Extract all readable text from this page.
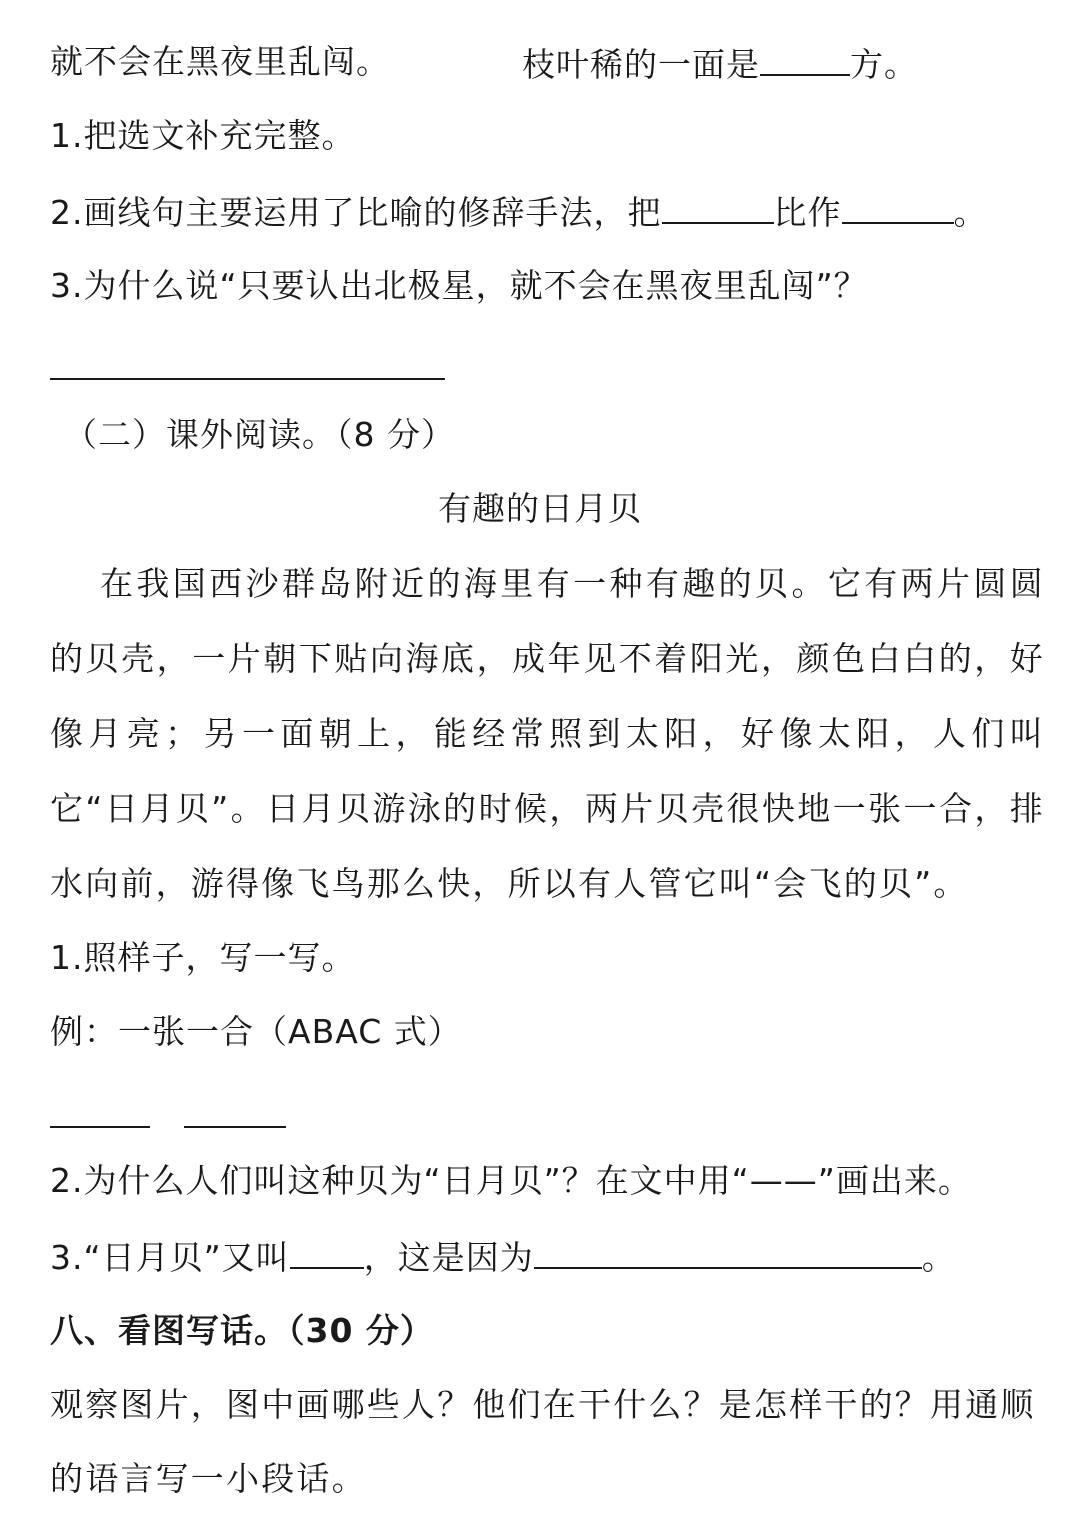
就不会在黑夜里乱闯。	枝叶稀的一面是	方。
1.把选文补充完整。
2.画线句主要运用了比喻的修辞手法，把	比作	。
3.为什么说“只要认出北极星，就不会在黑夜里乱闯”？
（二）课外阅读。（8 分）
有趣的日月贝
在我国西沙群岛附近的海里有一种有趣的贝。它有两片圆圆的贝壳，一片朝下贴向海底，成年见不着阳光，颜色白白的，好像月亮；另一面朝上，能经常照到太阳，好像太阳，人们叫它“日月贝”。日月贝游泳的时候，两片贝壳很快地一张一合，排水向前，游得像飞鸟那么快，所以有人管它叫“会飞的贝”。
1.照样子，写一写。
例：一张一合（ABAC 式）
2.为什么人们叫这种贝为“日月贝”？在文中用“——”画出来。
3.“日月贝”又叫 ，这是因为	。
八、看图写话。（30 分）
观察图片，图中画哪些人？他们在干什么？是怎样干的？用通顺
的语言写一小段话。
